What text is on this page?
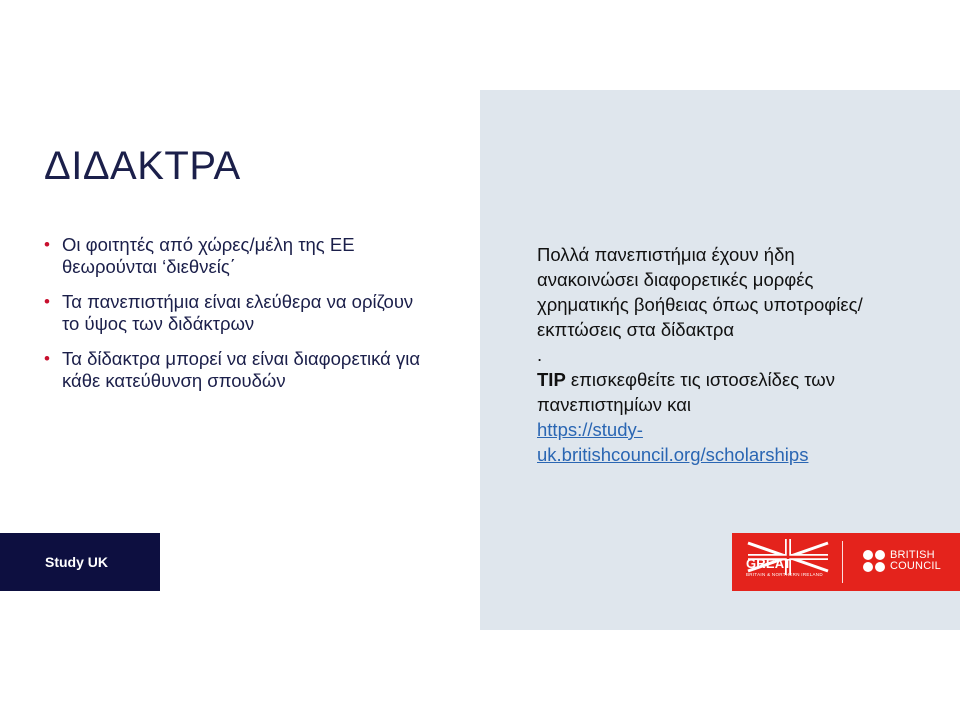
ΔΙΔΑΚΤΡΑ
• Οι φοιτητές από χώρες/μέλη της ΕΕ θεωρούνται ‘διεθνείς΄
• Τα πανεπιστήμια είναι ελεύθερα να ορίζουν το ύψος των διδάκτρων
• Τα δίδακτρα μπορεί να είναι διαφορετικά για κάθε κατεύθυνση σπουδών

Πολλά πανεπιστήμια έχουν ήδη ανακοινώσει διαφορετικές μορφές χρηματικής βοήθειας όπως υποτροφίες/εκπτώσεις στα δίδακτρα

.

TIP επισκεφθείτε τις ιστοσελίδες των πανεπιστημίων και

https://study-
uk.britishcouncil.org/scholarships
Study UK	GREAT
BRITAIN & NORTHERN IRELAND
BRITISH
COUNCIL
